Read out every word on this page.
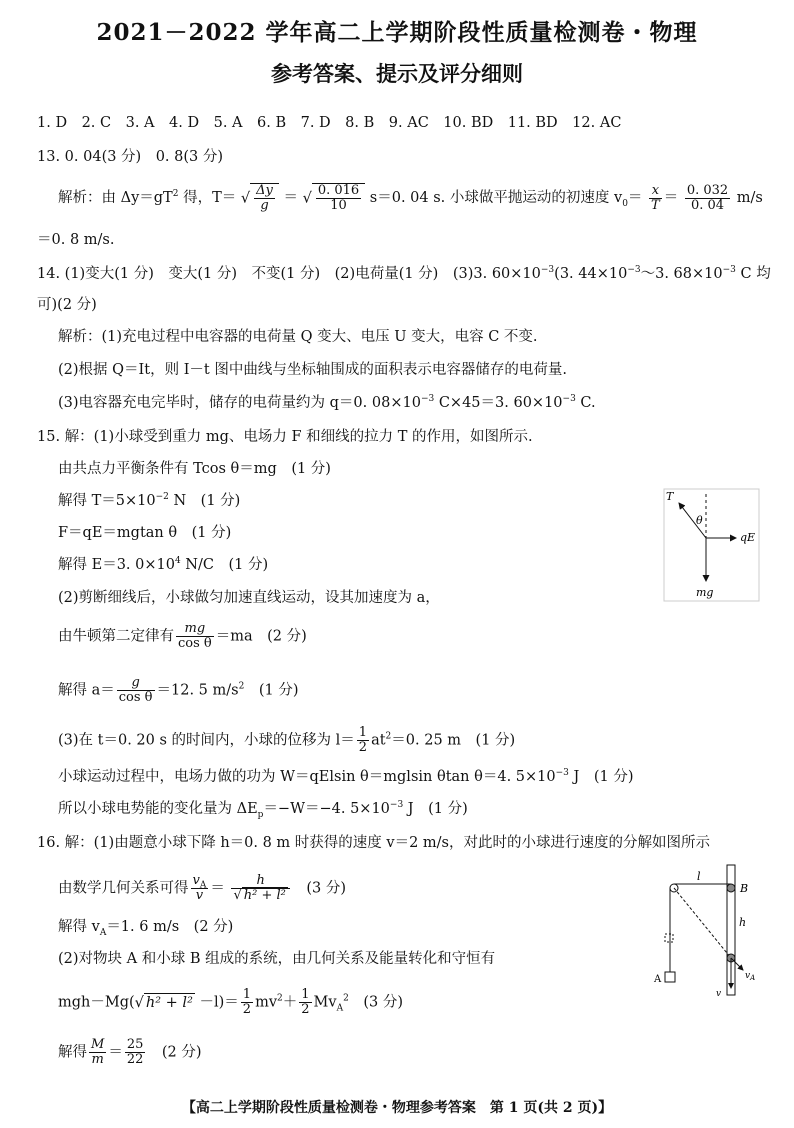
2021－2022 学年高二上学期阶段性质量检测卷・物理
参考答案、提示及评分细则
1. D　2. C　3. A　4. D　5. A　6. B　7. D　8. B　9. AC　10. BD　11. BD　12. AC
13. 0. 04(3 分)　0. 8(3 分)
解析：由 $\Delta y=gT^2$ 得，T＝ √ $\frac{\Delta y}{g}$ ＝ √ $\frac{0. 016}{10} s=0$. 04 s. 小球做平抛运动的初速度 $v_0= \frac{x}{T} = \frac{0. 032}{0. 04} m/s$
＝0. 8 m/s.
14. (1)变大(1 分)　变大(1 分)　不变(1 分)　(2)电荷量(1 分)　(3)3. $60\times 10^{-3}(3$. $44\times 10^{-3}\sim 3$. $68\times 10^{-3}$ C 均
可)(2 分)
解析：(1)充电过程中电容器的电荷量 Q 变大、电压 U 变大，电容 C 不变.
(2)根据 Q＝It，则 I－t 图中曲线与坐标轴围成的面积表示电容器储存的电荷量.
(3)电容器充电完毕时，储存的电荷量约为 q＝0. $08\times 10^{-3}$ C×45＝3. $60\times 10^{-3}$ C.
15. 解：(1)小球受到重力 mg、电场力 F 和细线的拉力 T 的作用，如图所示.
由共点力平衡条件有 Tcos θ＝mg　(1 分)
解得 $T=5\times 10^{-2}$ N　(1 分)
F＝qE＝mgtan θ　(1 分)
解得 E＝3. $0\times 10^4$ N/C　(1 分)
(2)剪断细线后，小球做匀加速直线运动，设其加速度为 a，
由牛顿第二定律有 $\frac{mg}{\text{cos θ}} =ma$　(2 分)
解得 $a= \frac{g}{\text{cos θ}} =12$. 5 $m/s^2$　(1 分)
(3)在 t＝0. 20 s 的时间内，小球的位移为 $l= \frac{1}{2} at^2=0$. 25 m　(1 分)
小球运动过程中，电场力做的功为 W＝qElsin θ＝mglsin θtan θ＝4. $5\times 10^{-3}$ J　(1 分)
所以小球电势能的变化量为 $\Delta E_p=-W=-4$. $5\times 10^{-3}$ J　(1 分)
T
θ
qE
mg
16. 解：(1)由题意小球下降 h＝0. 8 m 时获得的速度 v＝2 m/s，对此时的小球进行速度的分解如图所示
由数学几何关系可得 $\frac{v_A}{v} = \frac{h}{\text{√ h² + l²}}$ 　(3 分)
解得 $v_A=1$. 6 m/s　(2 分)
(2)对物块 A 和小球 B 组成的系统，由几何关系及能量转化和守恒有
mgh－Mg(√ $h^2 + l^2 -l)= \frac{1}{2} mv^2+ \frac{1}{2} Mv_A^2$　(3 分)
解得 $\frac{M}{m} = \frac{25}{22}$ 　(2 分)
l
B
h
A	$v_A$
v
【高二上学期阶段性质量检测卷・物理参考答案　第 1 页(共 2 页)】
